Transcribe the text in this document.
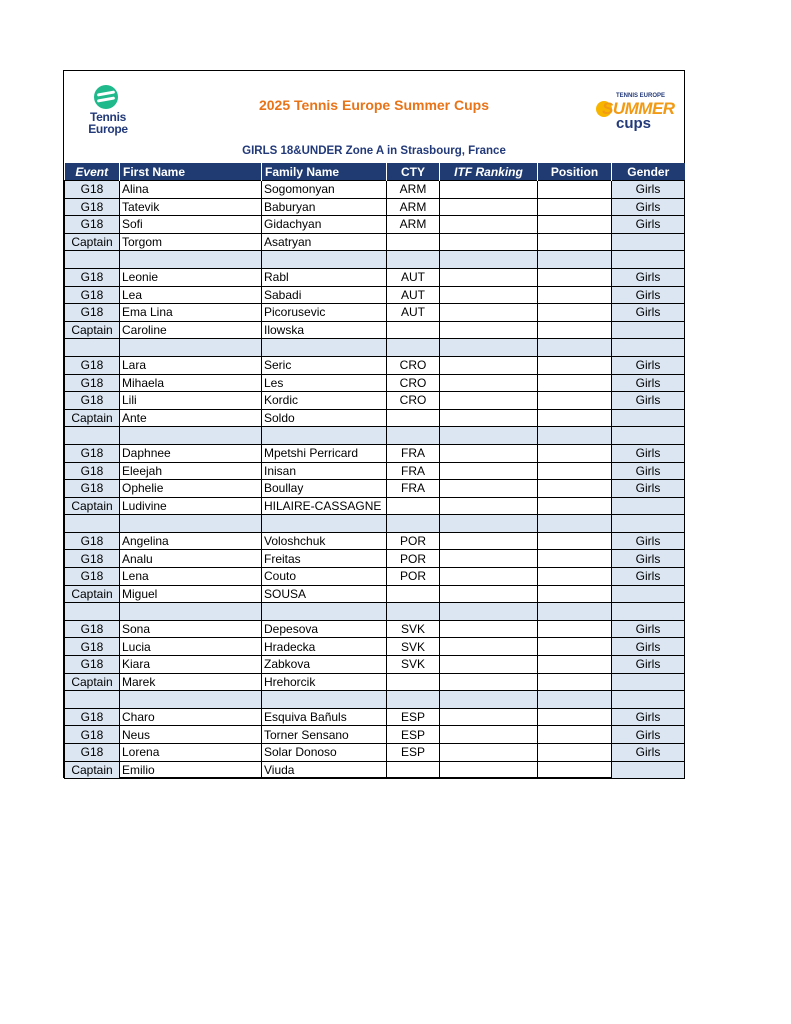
Tennis Europe
2025 Tennis Europe Summer Cups
TENNIS EUROPE
SUMMER
cups
GIRLS 18&UNDER Zone A in Strasbourg, France
Event	First Name	Family Name	CTY	ITF Ranking	Position	Gender
G18	Alina	Sogomonyan	ARM			Girls
G18	Tatevik	Baburyan	ARM			Girls
G18	Sofi	Gidachyan	ARM			Girls
Captain	Torgom	Asatryan				

G18	Leonie	Rabl	AUT			Girls
G18	Lea	Sabadi	AUT			Girls
G18	Ema Lina	Picorusevic	AUT			Girls
Captain	Caroline	Ilowska				

G18	Lara	Seric	CRO			Girls
G18	Mihaela	Les	CRO			Girls
G18	Lili	Kordic	CRO			Girls
Captain	Ante	Soldo				

G18	Daphnee	Mpetshi Perricard	FRA			Girls
G18	Eleejah	Inisan	FRA			Girls
G18	Ophelie	Boullay	FRA			Girls
Captain	Ludivine	HILAIRE-CASSAGNE				

G18	Angelina	Voloshchuk	POR			Girls
G18	Analu	Freitas	POR			Girls
G18	Lena	Couto	POR			Girls
Captain	Miguel	SOUSA				

G18	Sona	Depesova	SVK			Girls
G18	Lucia	Hradecka	SVK			Girls
G18	Kiara	Zabkova	SVK			Girls
Captain	Marek	Hrehorcik				

G18	Charo	Esquiva Bañuls	ESP			Girls
G18	Neus	Torner Sensano	ESP			Girls
G18	Lorena	Solar Donoso	ESP			Girls
Captain	Emilio	Viuda				
